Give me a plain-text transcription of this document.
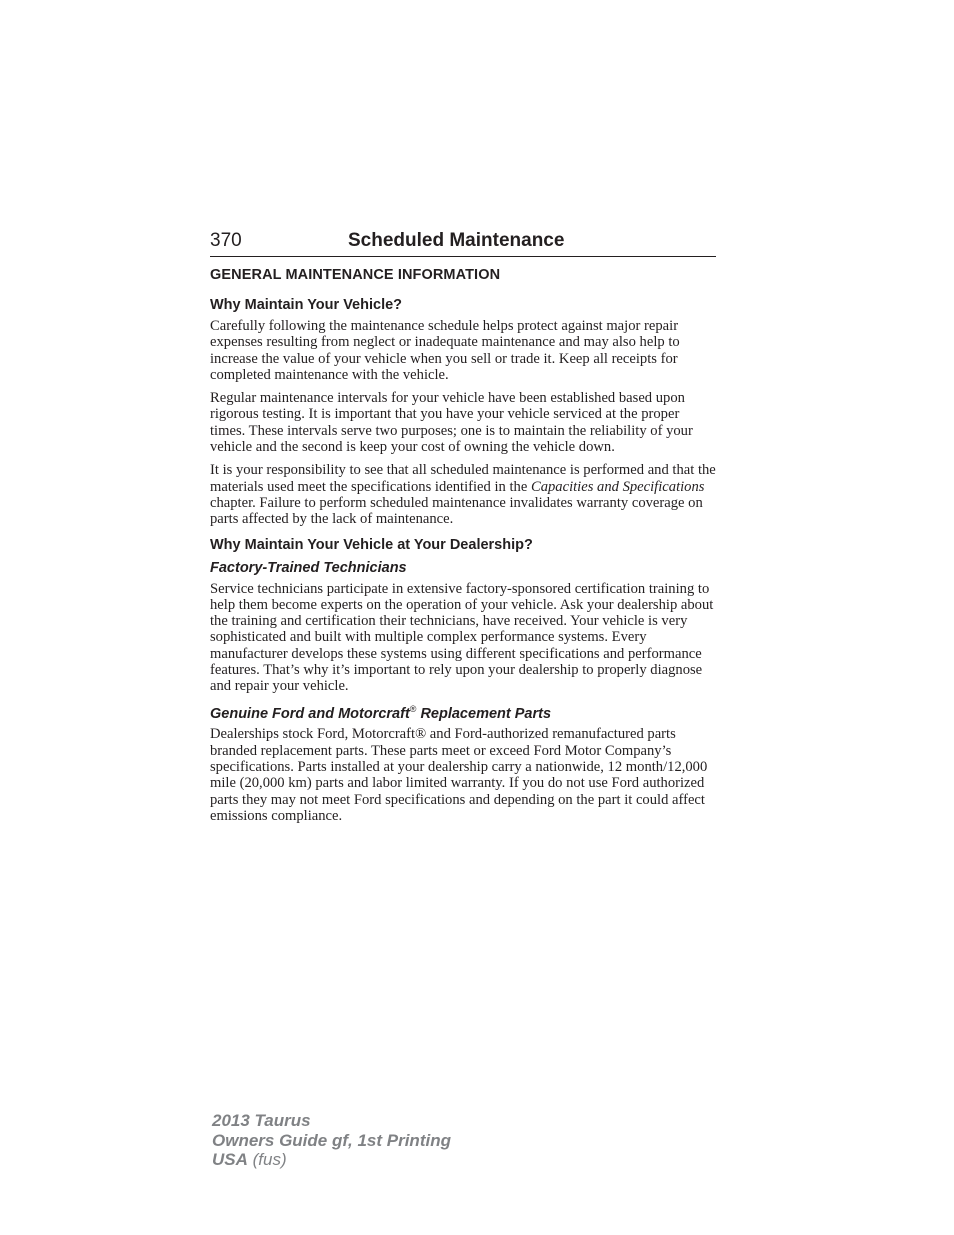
370	Scheduled Maintenance
GENERAL MAINTENANCE INFORMATION
Why Maintain Your Vehicle?

Carefully following the maintenance schedule helps protect against major repair expenses resulting from neglect or inadequate maintenance and may also help to increase the value of your vehicle when you sell or trade it. Keep all receipts for completed maintenance with the vehicle.

Regular maintenance intervals for your vehicle have been established based upon rigorous testing. It is important that you have your vehicle serviced at the proper times. These intervals serve two purposes; one is to maintain the reliability of your vehicle and the second is keep your cost of owning the vehicle down.

It is your responsibility to see that all scheduled maintenance is performed and that the materials used meet the specifications identified in the Capacities and Specifications chapter. Failure to perform scheduled maintenance invalidates warranty coverage on parts affected by the lack of maintenance.

Why Maintain Your Vehicle at Your Dealership?
Factory-Trained Technicians

Service technicians participate in extensive factory-sponsored certification training to help them become experts on the operation of your vehicle. Ask your dealership about the training and certification their technicians, have received. Your vehicle is very sophisticated and built with multiple complex performance systems. Every manufacturer develops these systems using different specifications and performance features. That’s why it’s important to rely upon your dealership to properly diagnose and repair your vehicle.

Genuine Ford and Motorcraft® Replacement Parts

Dealerships stock Ford, Motorcraft® and Ford-authorized remanufactured parts branded replacement parts. These parts meet or exceed Ford Motor Company’s specifications. Parts installed at your dealership carry a nationwide, 12 month/12,000 mile (20,000 km) parts and labor limited warranty. If you do not use Ford authorized parts they may not meet Ford specifications and depending on the part it could affect emissions compliance.

2013 Taurus
Owners Guide gf, 1st Printing
USA (fus)
